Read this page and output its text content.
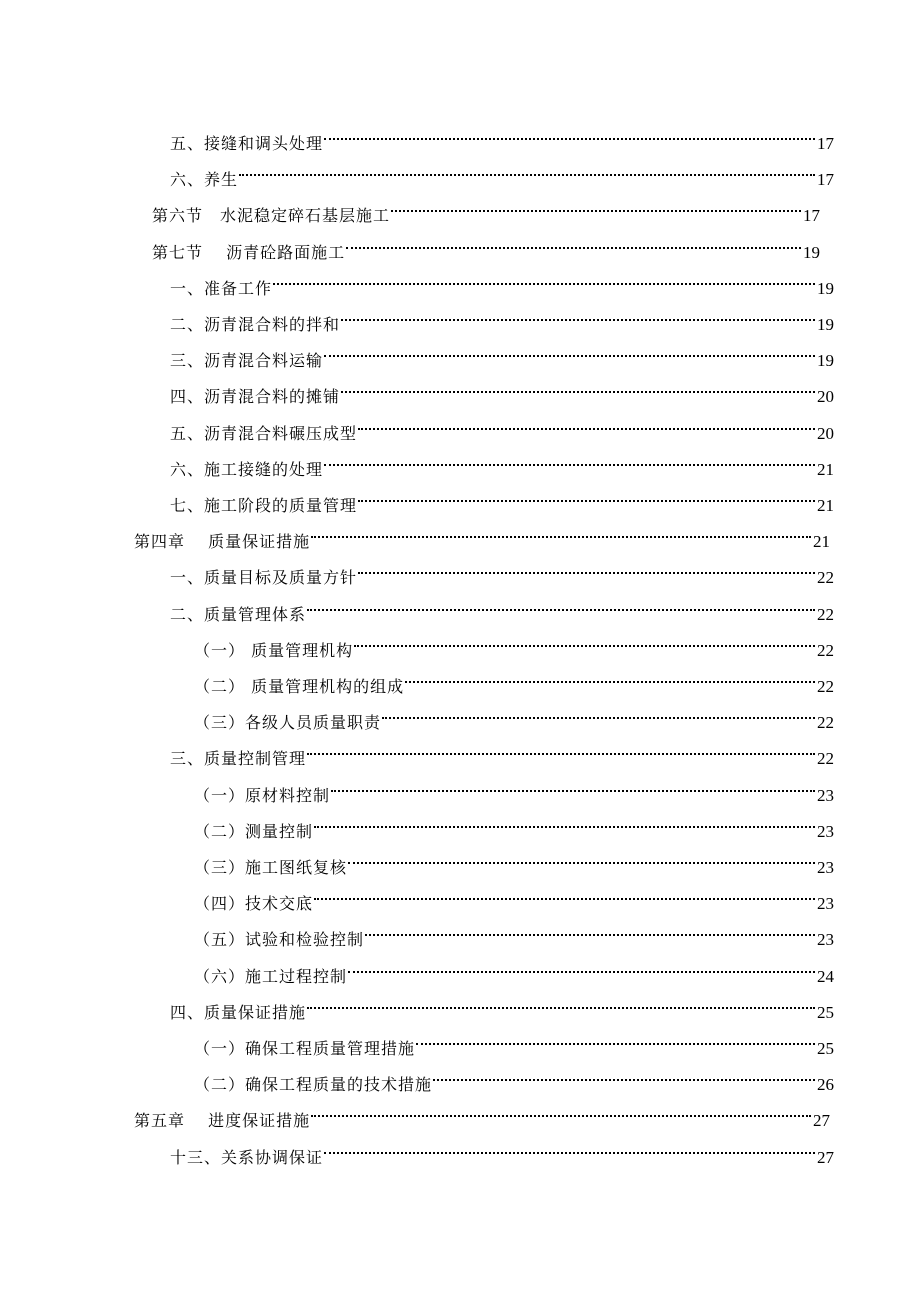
五、接缝和调头处理	17
六、养生	17
第六节　水泥稳定碎石基层施工	17
第七节　 沥青砼路面施工	19
一、准备工作	19
二、沥青混合料的拌和	19
三、沥青混合料运输	19
四、沥青混合料的摊铺	20
五、沥青混合料碾压成型	20
六、施工接缝的处理	21
七、施工阶段的质量管理	21
第四章　 质量保证措施	21
一、质量目标及质量方针	22
二、质量管理体系	22
（一） 质量管理机构	22
（二） 质量管理机构的组成	22
（三）各级人员质量职责	22
三、质量控制管理	22
（一）原材料控制	23
（二）测量控制	23
（三）施工图纸复核	23
（四）技术交底	23
（五）试验和检验控制	23
（六）施工过程控制	24
四、质量保证措施	25
（一）确保工程质量管理措施	25
（二）确保工程质量的技术措施	26
第五章　 进度保证措施	27
十三、关系协调保证	27
